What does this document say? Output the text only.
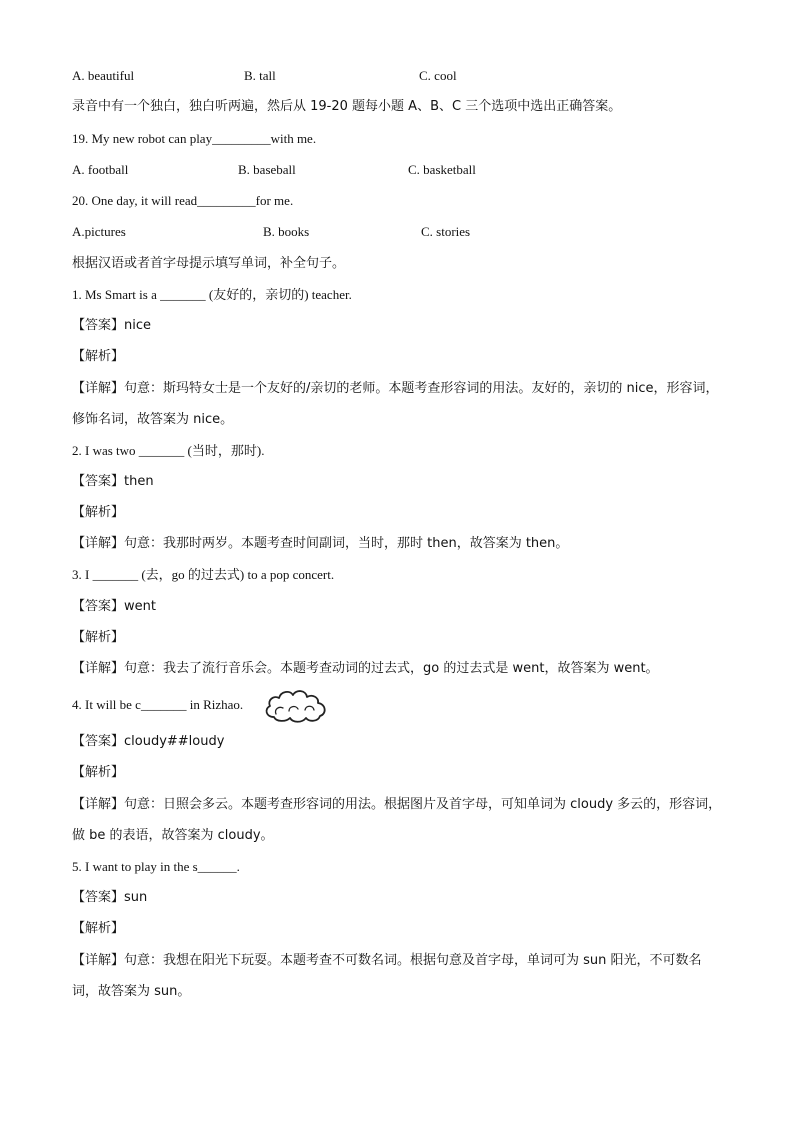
A. beautiful	B. tall	C. cool
录音中有一个独白，独白听两遍，然后从 19-20 题每小题 A、B、C 三个选项中选出正确答案。
19. My new robot can play_________with me.
A. football	B. baseball	C. basketball
20. One day, it will read_________for me.
A.pictures	B. books	C. stories
根据汉语或者首字母提示填写单词，补全句子。
1. Ms Smart is a _______ (友好的，亲切的) teacher.
【答案】nice
【解析】
【详解】句意：斯玛特女士是一个友好的/亲切的老师。本题考查形容词的用法。友好的，亲切的 nice，形容词，修饰名词，故答案为 nice。
2. I was two _______ (当时，那时).
【答案】then
【解析】
【详解】句意：我那时两岁。本题考查时间副词，当时，那时 then，故答案为 then。
3. I _______ (去，go 的过去式) to a pop concert.
【答案】went
【解析】
【详解】句意：我去了流行音乐会。本题考查动词的过去式，go 的过去式是 went，故答案为 went。
4. It will be c_______ in Rizhao.
【答案】cloudy##loudy
【解析】
【详解】句意：日照会多云。本题考查形容词的用法。根据图片及首字母，可知单词为 cloudy 多云的，形容词，做 be 的表语，故答案为 cloudy。
5. I want to play in the s______.
【答案】sun
【解析】
【详解】句意：我想在阳光下玩耍。本题考查不可数名词。根据句意及首字母，单词可为 sun 阳光，不可数名词，故答案为 sun。
